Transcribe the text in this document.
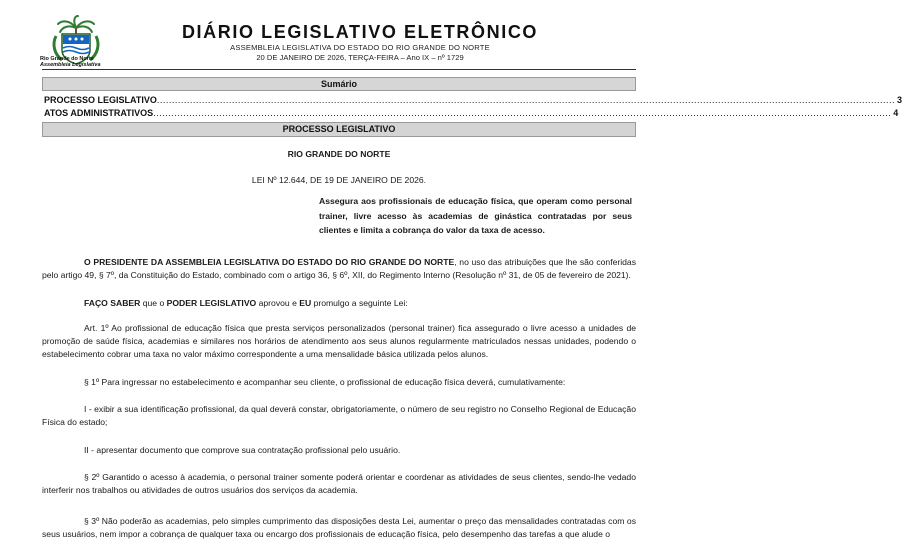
Rio Grande do Norte
Assembleia Legislativa
DIÁRIO LEGISLATIVO ELETRÔNICO
ASSEMBLEIA LEGISLATIVA DO ESTADO DO RIO GRANDE DO NORTE
20 DE JANEIRO DE 2026, TERÇA-FEIRA – Ano IX – nº 1729
Sumário
PROCESSO LEGISLATIVO ...................................................................................................................................................................................................................................................... 3
ATOS ADMINISTRATIVOS ...................................................................................................................................................................................................................................................... 4
PROCESSO LEGISLATIVO
RIO GRANDE DO NORTE
LEI Nº 12.644, DE 19 DE JANEIRO DE 2026.
Assegura aos profissionais de educação física, que operam como personal trainer, livre acesso às academias de ginástica contratadas por seus clientes e limita a cobrança do valor da taxa de acesso.
O PRESIDENTE DA ASSEMBLEIA LEGISLATIVA DO ESTADO DO RIO GRANDE DO NORTE, no uso das atribuições que lhe são conferidas pelo artigo 49, § 7º, da Constituição do Estado, combinado com o artigo 36, § 6º, XII, do Regimento Interno (Resolução nº 31, de 05 de fevereiro de 2021).
FAÇO SABER que o PODER LEGISLATIVO aprovou e EU promulgo a seguinte Lei:
Art. 1º Ao profissional de educação física que presta serviços personalizados (personal trainer) fica assegurado o livre acesso a unidades de promoção de saúde física, academias e similares nos horários de atendimento aos seus alunos regularmente matriculados nessas unidades, podendo o estabelecimento cobrar uma taxa no valor máximo correspondente a uma mensalidade básica utilizada pelos alunos.
§ 1º Para ingressar no estabelecimento e acompanhar seu cliente, o profissional de educação física deverá, cumulativamente:
I - exibir a sua identificação profissional, da qual deverá constar, obrigatoriamente, o número de seu registro no Conselho Regional de Educação Física do estado;
II - apresentar documento que comprove sua contratação profissional pelo usuário.
§ 2º Garantido o acesso à academia, o personal trainer somente poderá orientar e coordenar as atividades de seus clientes, sendo-lhe vedado interferir nos trabalhos ou atividades de outros usuários dos serviços da academia.
§ 3º Não poderão as academias, pelo simples cumprimento das disposições desta Lei, aumentar o preço das mensalidades contratadas com os seus usuários, nem impor a cobrança de qualquer taxa ou encargo dos profissionais de educação física, pelo desempenho das tarefas a que alude o
